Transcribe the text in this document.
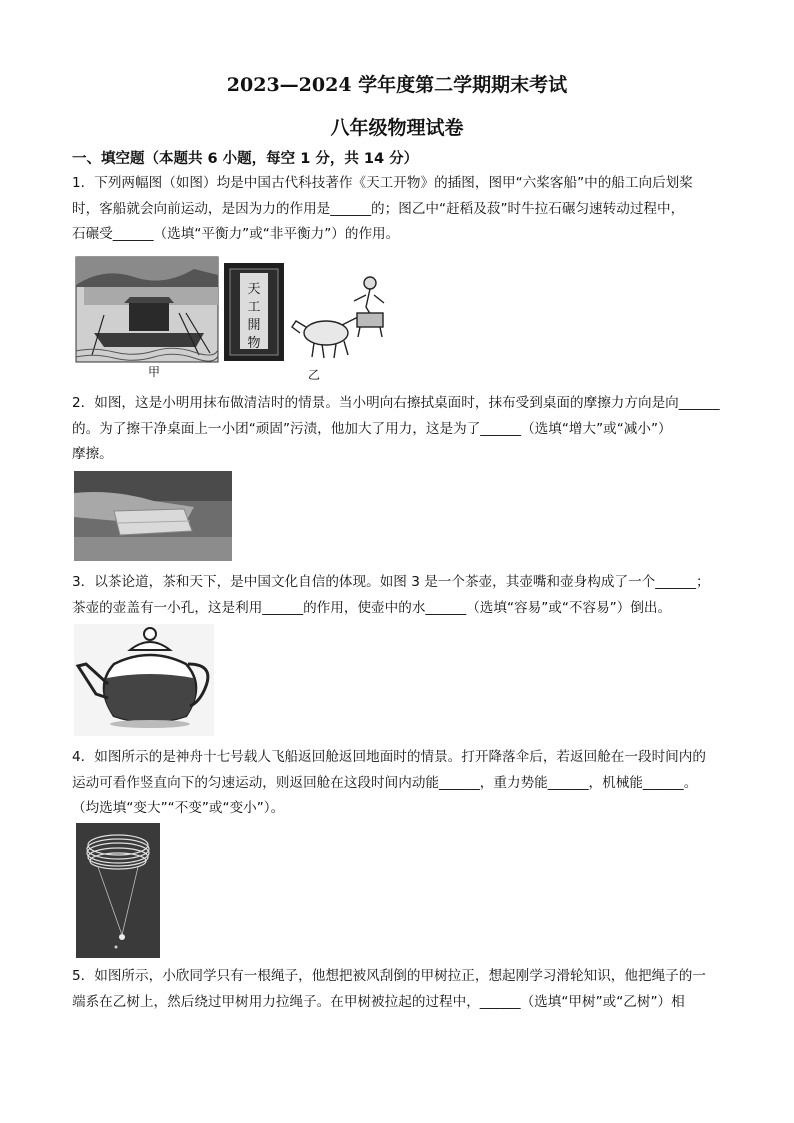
2023—2024 学年度第二学期期末考试
八年级物理试卷
一、填空题（本题共 6 小题，每空 1 分，共 14 分）

1．下列两幅图（如图）均是中国古代科技著作《天工开物》的插图，图甲“六桨客船”中的船工向后划桨

时，客船就会向前运动，是因为力的作用是______的；图乙中“赶稻及菽”时牛拉石碾匀速转动过程中，

石碾受______（选填“平衡力”或“非平衡力”）的作用。

天
工
開
物
甲	乙

2．如图，这是小明用抹布做清洁时的情景。当小明向右擦拭桌面时，抹布受到桌面的摩擦力方向是向______

的。为了擦干净桌面上一小团“顽固”污渍，他加大了用力，这是为了______（选填“增大”或“减小”）

摩擦。

3．以茶论道，茶和天下，是中国文化自信的体现。如图 3 是一个茶壶，其壶嘴和壶身构成了一个______；

茶壶的壶盖有一小孔，这是利用______的作用，使壶中的水______（选填“容易”或“不容易”）倒出。

4．如图所示的是神舟十七号载人飞船返回舱返回地面时的情景。打开降落伞后，若返回舱在一段时间内的

运动可看作竖直向下的匀速运动，则返回舱在这段时间内动能______，重力势能______，机械能______。

（均选填“变大”“不变”或“变小”）。

5．如图所示，小欣同学只有一根绳子，他想把被风刮倒的甲树拉正，想起刚学习滑轮知识，他把绳子的一

端系在乙树上，然后绕过甲树用力拉绳子。在甲树被拉起的过程中，______（选填“甲树”或“乙树”）相
